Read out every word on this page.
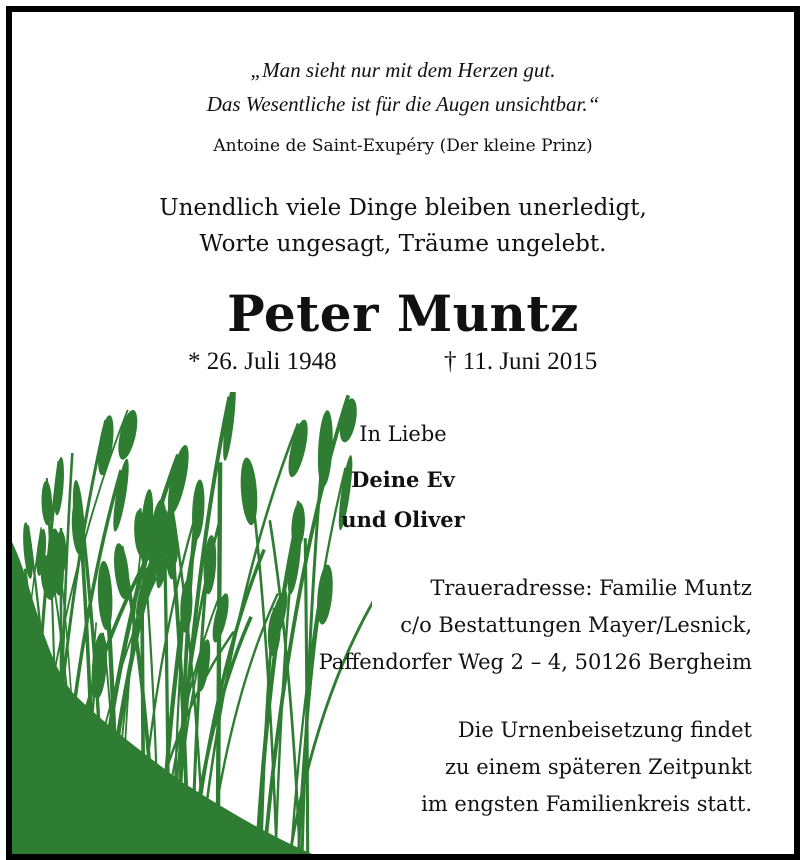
„Man sieht nur mit dem Herzen gut.
Das Wesentliche ist für die Augen unsichtbar.“
Antoine de Saint-Exupéry (Der kleine Prinz)
Unendlich viele Dinge bleiben unerledigt,
Worte ungesagt, Träume ungelebt.
Peter Muntz
* 26. Juli 1948	† 11. Juni 2015
In Liebe
Deine Ev
und Oliver
Traueradresse: Familie Muntz
c/o Bestattungen Mayer/Lesnick,
Paffendorfer Weg 2 – 4, 50126 Bergheim
Die Urnenbeisetzung findet
zu einem späteren Zeitpunkt
im engsten Familienkreis statt.
